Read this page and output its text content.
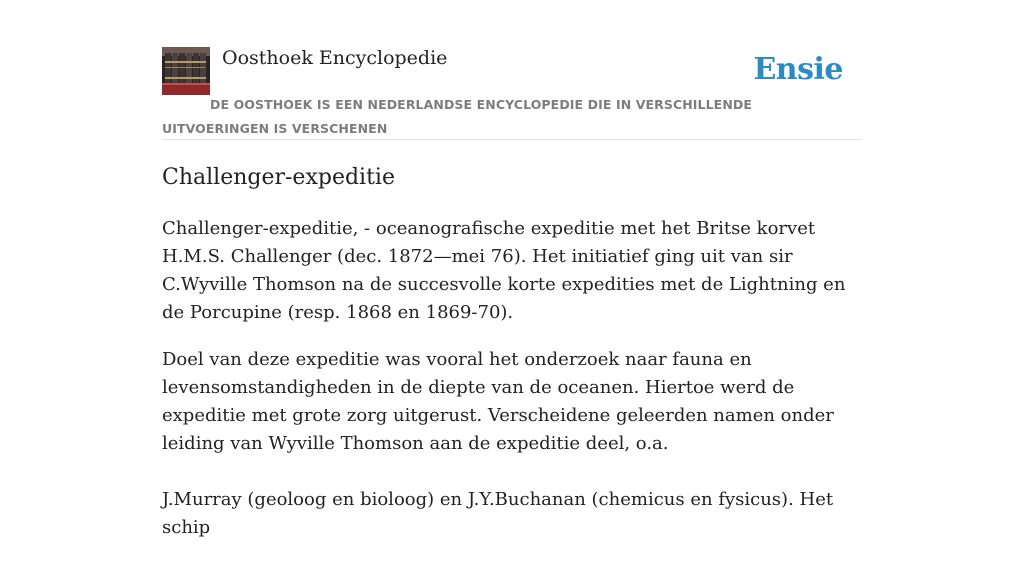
Oosthoek Encyclopedie	Ensie
DE OOSTHOEK IS EEN NEDERLANDSE ENCYCLOPEDIE DIE IN VERSCHILLENDE UITVOERINGEN IS VERSCHENEN
Challenger-expeditie

Challenger-expeditie, - oceanografische expeditie met het Britse korvet H.M.S. Challenger (dec. 1872—mei 76). Het initiatief ging uit van sir C.Wyville Thomson na de succesvolle korte expedities met de Lightning en de Porcupine (resp. 1868 en 1869-70).

Doel van deze expeditie was vooral het onderzoek naar fauna en levensomstandigheden in de diepte van de oceanen. Hiertoe werd de expeditie met grote zorg uitgerust. Verscheidene geleerden namen onder leiding van Wyville Thomson aan de expeditie deel, o.a.

J.Murray (geoloog en bioloog) en J.Y.Buchanan (chemicus en fysicus). Het schip
